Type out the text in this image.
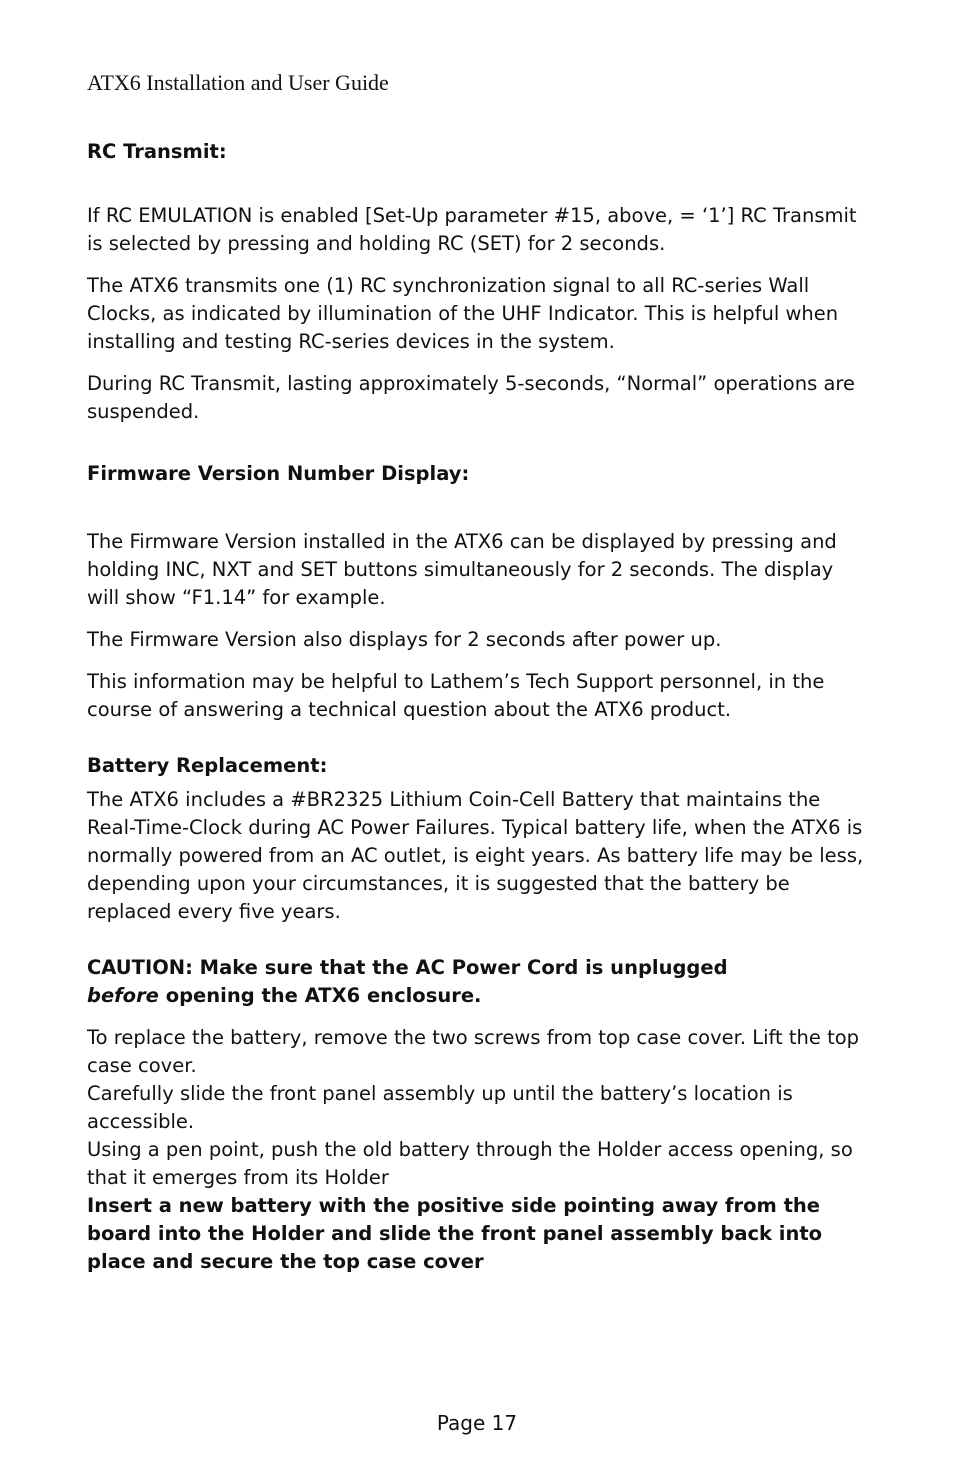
ATX6 Installation and User Guide

RC Transmit:

If RC EMULATION is enabled [Set-Up parameter #15, above, = ‘1’] RC Transmit is selected by pressing and holding RC (SET) for 2 seconds.

The ATX6 transmits one (1) RC synchronization signal to all RC-series Wall Clocks, as indicated by illumination of the UHF Indicator. This is helpful when installing and testing RC-series devices in the system.

During RC Transmit, lasting approximately 5-seconds, “Normal” operations are suspended.

Firmware Version Number Display:

The Firmware Version installed in the ATX6 can be displayed by pressing and holding INC, NXT and SET buttons simultaneously for 2 seconds. The display will show “F1.14” for example.

The Firmware Version also displays for 2 seconds after power up.

This information may be helpful to Lathem’s Tech Support personnel, in the course of answering a technical question about the ATX6 product.

Battery Replacement:

The ATX6 includes a #BR2325 Lithium Coin-Cell Battery that maintains the Real-Time-Clock during AC Power Failures. Typical battery life, when the ATX6 is normally powered from an AC outlet, is eight years. As battery life may be less, depending upon your circumstances, it is suggested that the battery be replaced every five years.

CAUTION: Make sure that the AC Power Cord is unplugged
before opening the ATX6 enclosure.

To replace the battery, remove the two screws from top case cover. Lift the top case cover.

Carefully slide the front panel assembly up until the battery’s location is accessible.

Using a pen point, push the old battery through the Holder access opening, so that it emerges from its Holder

Insert a new battery with the positive side pointing away from the board into the Holder and slide the front panel assembly back into place and secure the top case cover

Page 17
